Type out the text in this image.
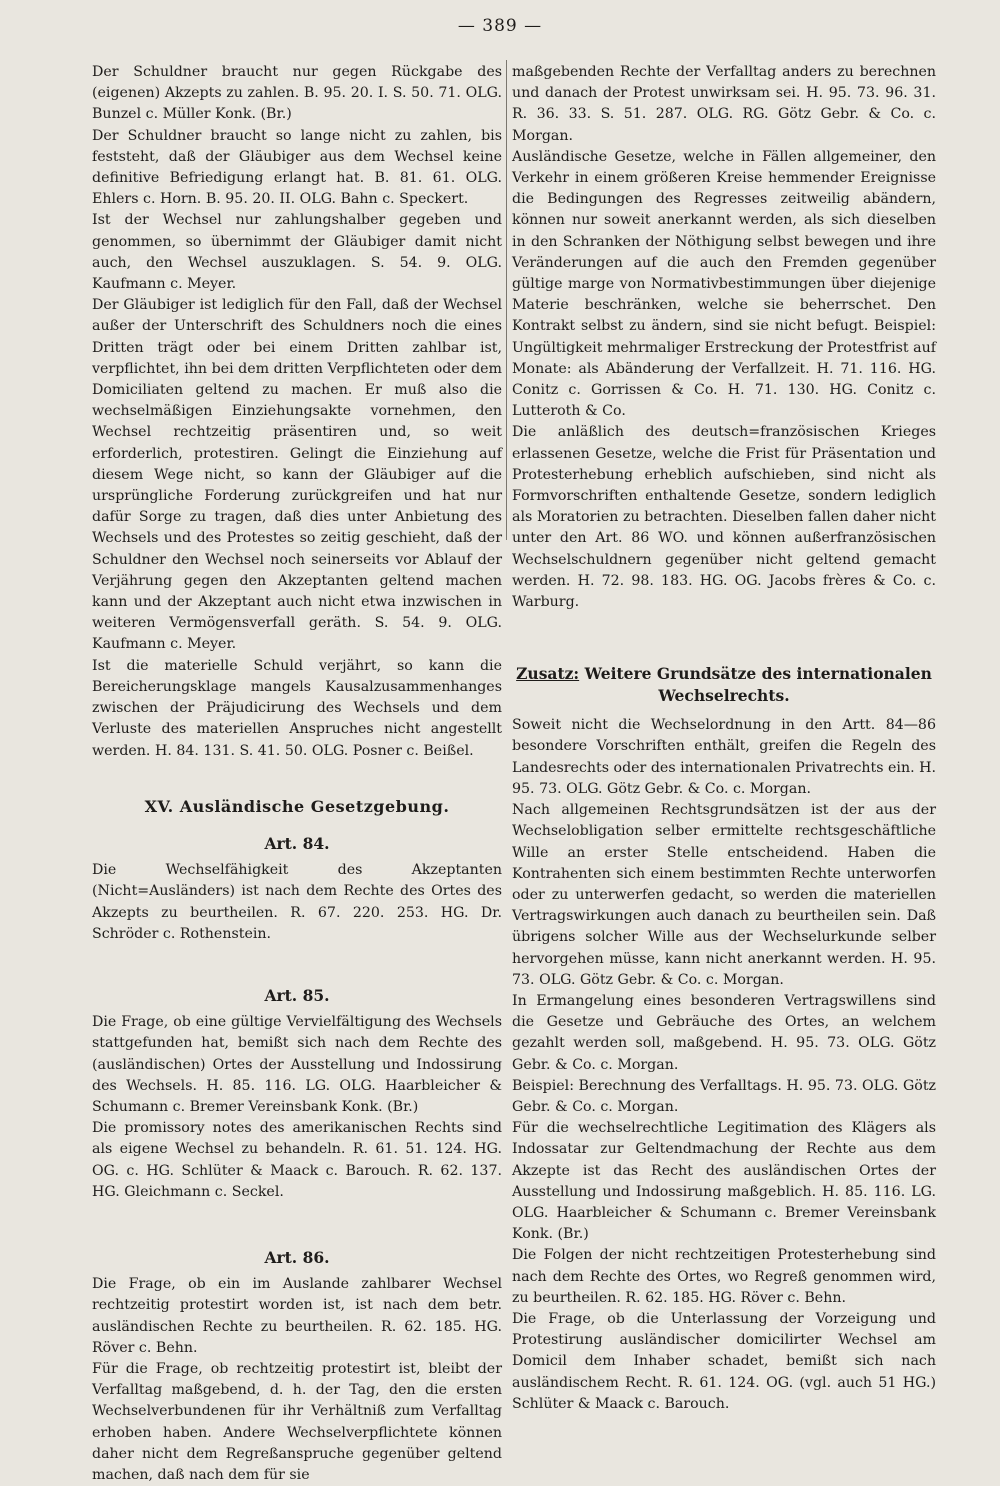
— 389 —

Der Schuldner braucht nur gegen Rückgabe des (eigenen) Akzepts zu zahlen. B. 95. 20. I. S. 50. 71. OLG. Bunzel c. Müller Konk. (Br.)

Der Schuldner braucht so lange nicht zu zahlen, bis feststeht, daß der Gläubiger aus dem Wechsel keine definitive Befriedigung erlangt hat. B. 81. 61. OLG. Ehlers c. Horn. B. 95. 20. II. OLG. Bahn c. Speckert.

Ist der Wechsel nur zahlungshalber gegeben und genommen, so übernimmt der Gläubiger damit nicht auch, den Wechsel auszuklagen. S. 54. 9. OLG. Kaufmann c. Meyer.

Der Gläubiger ist lediglich für den Fall, daß der Wechsel außer der Unterschrift des Schuldners noch die eines Dritten trägt oder bei einem Dritten zahlbar ist, verpflichtet, ihn bei dem dritten Verpflichteten oder dem Domiciliaten geltend zu machen. Er muß also die wechselmäßigen Einziehungsakte vornehmen, den Wechsel rechtzeitig präsentiren und, so weit erforderlich, protestiren. Gelingt die Einziehung auf diesem Wege nicht, so kann der Gläubiger auf die ursprüngliche Forderung zurückgreifen und hat nur dafür Sorge zu tragen, daß dies unter Anbietung des Wechsels und des Protestes so zeitig geschieht, daß der Schuldner den Wechsel noch seinerseits vor Ablauf der Verjährung gegen den Akzeptanten geltend machen kann und der Akzeptant auch nicht etwa inzwischen in weiteren Vermögensverfall geräth. S. 54. 9. OLG. Kaufmann c. Meyer.

Ist die materielle Schuld verjährt, so kann die Bereicherungsklage mangels Kausalzusammenhanges zwischen der Präjudicirung des Wechsels und dem Verluste des materiellen Anspruches nicht angestellt werden. H. 84. 131. S. 41. 50. OLG. Posner c. Beißel.

XV. Ausländische Gesetzgebung.
Art. 84.

Die Wechselfähigkeit des Akzeptanten (Nicht=Ausländers) ist nach dem Rechte des Ortes des Akzepts zu beurtheilen. R. 67. 220. 253. HG. Dr. Schröder c. Rothenstein.

Art. 85.

Die Frage, ob eine gültige Vervielfältigung des Wechsels stattgefunden hat, bemißt sich nach dem Rechte des (ausländischen) Ortes der Ausstellung und Indossirung des Wechsels. H. 85. 116. LG. OLG. Haarbleicher & Schumann c. Bremer Vereinsbank Konk. (Br.)

Die promissory notes des amerikanischen Rechts sind als eigene Wechsel zu behandeln. R. 61. 51. 124. HG. OG. c. HG. Schlüter & Maack c. Barouch. R. 62. 137. HG. Gleichmann c. Seckel.

Art. 86.

Die Frage, ob ein im Auslande zahlbarer Wechsel rechtzeitig protestirt worden ist, ist nach dem betr. ausländischen Rechte zu beurtheilen. R. 62. 185. HG. Röver c. Behn.

Für die Frage, ob rechtzeitig protestirt ist, bleibt der Verfalltag maßgebend, d. h. der Tag, den die ersten Wechselverbundenen für ihr Verhältniß zum Verfalltag erhoben haben. Andere Wechselverpflichtete können daher nicht dem Regreßanspruche gegenüber geltend machen, daß nach dem für sie

maßgebenden Rechte der Verfalltag anders zu berechnen und danach der Protest unwirksam sei. H. 95. 73. 96. 31. R. 36. 33. S. 51. 287. OLG. RG. Götz Gebr. & Co. c. Morgan.

Ausländische Gesetze, welche in Fällen allgemeiner, den Verkehr in einem größeren Kreise hemmender Ereignisse die Bedingungen des Regresses zeitweilig abändern, können nur soweit anerkannt werden, als sich dieselben in den Schranken der Nöthigung selbst bewegen und ihre Veränderungen auf die auch den Fremden gegenüber gültige marge von Normativbestimmungen über diejenige Materie beschränken, welche sie beherrschet. Den Kontrakt selbst zu ändern, sind sie nicht befugt. Beispiel: Ungültigkeit mehrmaliger Erstreckung der Protestfrist auf Monate: als Abänderung der Verfallzeit. H. 71. 116. HG. Conitz c. Gorrissen & Co. H. 71. 130. HG. Conitz c. Lutteroth & Co.

Die anläßlich des deutsch=französischen Krieges erlassenen Gesetze, welche die Frist für Präsentation und Protesterhebung erheblich aufschieben, sind nicht als Formvorschriften enthaltende Gesetze, sondern lediglich als Moratorien zu betrachten. Dieselben fallen daher nicht unter den Art. 86 WO. und können außerfranzösischen Wechselschuldnern gegenüber nicht geltend gemacht werden. H. 72. 98. 183. HG. OG. Jacobs frères & Co. c. Warburg.

Zusatz: Weitere Grundsätze des internationalen Wechselrechts.

Soweit nicht die Wechselordnung in den Artt. 84—86 besondere Vorschriften enthält, greifen die Regeln des Landesrechts oder des internationalen Privatrechts ein. H. 95. 73. OLG. Götz Gebr. & Co. c. Morgan.

Nach allgemeinen Rechtsgrundsätzen ist der aus der Wechselobligation selber ermittelte rechtsgeschäftliche Wille an erster Stelle entscheidend. Haben die Kontrahenten sich einem bestimmten Rechte unterworfen oder zu unterwerfen gedacht, so werden die materiellen Vertragswirkungen auch danach zu beurtheilen sein. Daß übrigens solcher Wille aus der Wechselurkunde selber hervorgehen müsse, kann nicht anerkannt werden. H. 95. 73. OLG. Götz Gebr. & Co. c. Morgan.

In Ermangelung eines besonderen Vertragswillens sind die Gesetze und Gebräuche des Ortes, an welchem gezahlt werden soll, maßgebend. H. 95. 73. OLG. Götz Gebr. & Co. c. Morgan.

Beispiel: Berechnung des Verfalltags. H. 95. 73. OLG. Götz Gebr. & Co. c. Morgan.

Für die wechselrechtliche Legitimation des Klägers als Indossatar zur Geltendmachung der Rechte aus dem Akzepte ist das Recht des ausländischen Ortes der Ausstellung und Indossirung maßgeblich. H. 85. 116. LG. OLG. Haarbleicher & Schumann c. Bremer Vereinsbank Konk. (Br.)

Die Folgen der nicht rechtzeitigen Protesterhebung sind nach dem Rechte des Ortes, wo Regreß genommen wird, zu beurtheilen. R. 62. 185. HG. Röver c. Behn.

Die Frage, ob die Unterlassung der Vorzeigung und Protestirung ausländischer domicilirter Wechsel am Domicil dem Inhaber schadet, bemißt sich nach ausländischem Recht. R. 61. 124. OG. (vgl. auch 51 HG.) Schlüter & Maack c. Barouch.
